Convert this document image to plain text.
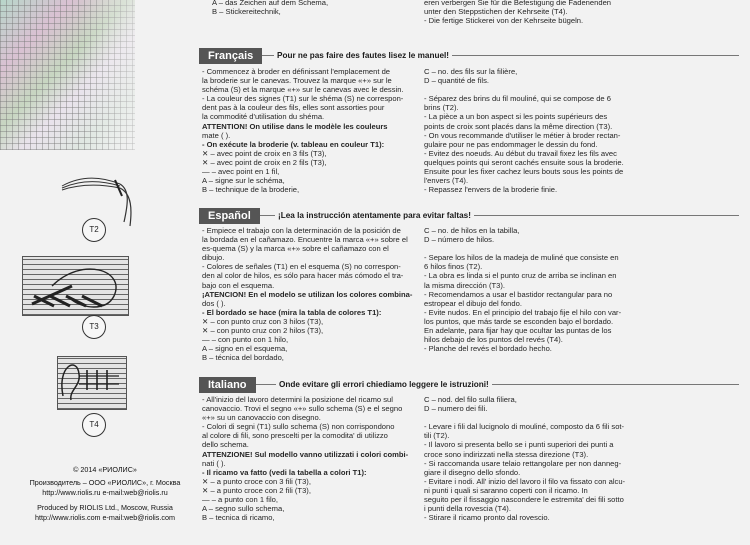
A – das Zeichen auf dem Schema,

B – Stickereitechnik,

eren verbergen Sie für die Befestigung die Fadenenden

unter den Steppstichen der Kehrseite (T4).

- Die fertige Stickerei von der Kehrseite bügeln.

T2
T3
T4
© 2014 «РИОЛИС»
Производитель – ООО «РИОЛИС», г. Москва
http://www.riolis.ru e-mail:web@riolis.ru
Produced by RIOLIS Ltd., Moscow, Russia
http://www.riolis.com e-mail:web@riolis.com
Français	Pour ne pas faire des fautes lisez le manuel!

- Commencez à broder en définissant l'emplacement de

la broderie sur le canevas. Trouvez la marque «+» sur le

schéma (S) et la marque «+» sur le canevas avec le dessin.

- La couleur des signes (T1) sur le shéma (S) ne correspon-

dent pas à la couleur des fils, elles sont assorties pour

la commodité d'utilisation du shéma.

ATTENTION! On utilise dans le modèle les couleurs

mate ( ).

- On exécute la broderie (v. tableau en couleur T1):

✕ – avec point de croix en 3 fils (T3),

✕ – avec point de croix en 2 fils (T3),

— – avec point en 1 fil,

A – signe sur le schéma,

B – technique de la broderie,

C – no. des fils sur la filière,

D – quantité de fils.

- Séparez des brins du fil mouliné, qui se compose de 6

brins (T2).

- La pièce a un bon aspect si les points supérieurs des

points de croix sont placés dans la même direction (T3).

- On vous recommande d'utiliser le métier à broder rectan-

gulaire pour ne pas endommager le dessin du fond.

- Evitez des noeuds. Au début du travail fixez les fils avec

quelques points qui seront cachés ensuite sous la broderie.

Ensuite pour les fixer cachez leurs bouts sous les points de

l'envers (T4).

- Repassez l'envers de la broderie finie.

Español	¡Lea la instrucción atentamente para evitar faltas!

- Empiece el trabajo con la determinación de la posición de

la bordada en el cañamazo. Encuentre la marca «+» sobre el

es-quema (S) y la marca «+» sobre el cañamazo con el

dibujo.

- Colores de señales (T1) en el esquema (S) no correspon-

den al color de hilos, es sólo para hacer más cómodo el tra-

bajo con el esquema.

¡ATENCION! En el modelo se utilizan los colores combina-

dos ( ).

- El bordado se hace (mira la tabla de colores T1):

✕ – con punto cruz con 3 hilos (T3),

✕ – con punto cruz con 2 hilos (T3),

— – con punto con 1 hilo,

A – signo en el esquema,

B – técnica del bordado,

C – no. de hilos en la tabilla,

D – número de hilos.

- Separe los hilos de la madeja de muliné que consiste en

6 hilos finos (T2).

- La obra es linda si el punto cruz de arriba se inclinan en

la misma dirección (T3).

- Recomendamos a usar el bastidor rectangular para no

estropear el dibujo del fondo.

- Evite nudos. En el principio del trabajo fije el hilo con var-

los puntos, que más tarde se esconden bajo el bordado.

En adelante, para fijar hay que ocultar las puntas de los

hilos debajo de los puntos del revés (T4).

- Planche del revés el bordado hecho.

Italiano	Onde evitare gli errori chiediamo leggere le istruzioni!

- All'inizio del lavoro determini la posizione del ricamo sul

canovaccio. Trovi el segno «+» sullo schema (S) e el segno

«+» su un canovaccio con disegno.

- Colori di segni (T1) sullo schema (S) non corrispondono

al colore di fili, sono prescelti per la comodita' di utilizzo

dello schema.

ATTENZIONE! Sul modello vanno utilizzati i colori combi-

nati ( ).

- Il ricamo va fatto (vedi la tabella a colori T1):

✕ – a punto croce con 3 fili (T3),

✕ – a punto croce con 2 fili (T3),

— – a punto con 1 filo,

A – segno sullo schema,

B – tecnica di ricamo,

C – nod. del filo sulla filiera,

D – numero dei fili.

- Levare i fili dal lucignolo di mouliné, composto da 6 fili sot-

tili (T2).

- Il lavoro si presenta bello se i punti superiori dei punti a

croce sono indirizzati nella stessa direzione (T3).

- Si raccomanda usare telaio rettangolare per non danneg-

giare il disegno dello sfondo.

- Evitare i nodi. All' inizio del lavoro il filo va fissato con alcu-

ni punti i quali si saranno coperti con il ricamo. In

seguito per il fissaggio nascondere le estremita' dei fili sotto

i punti della rovescia (T4).

- Stirare il ricamo pronto dal rovescio.
